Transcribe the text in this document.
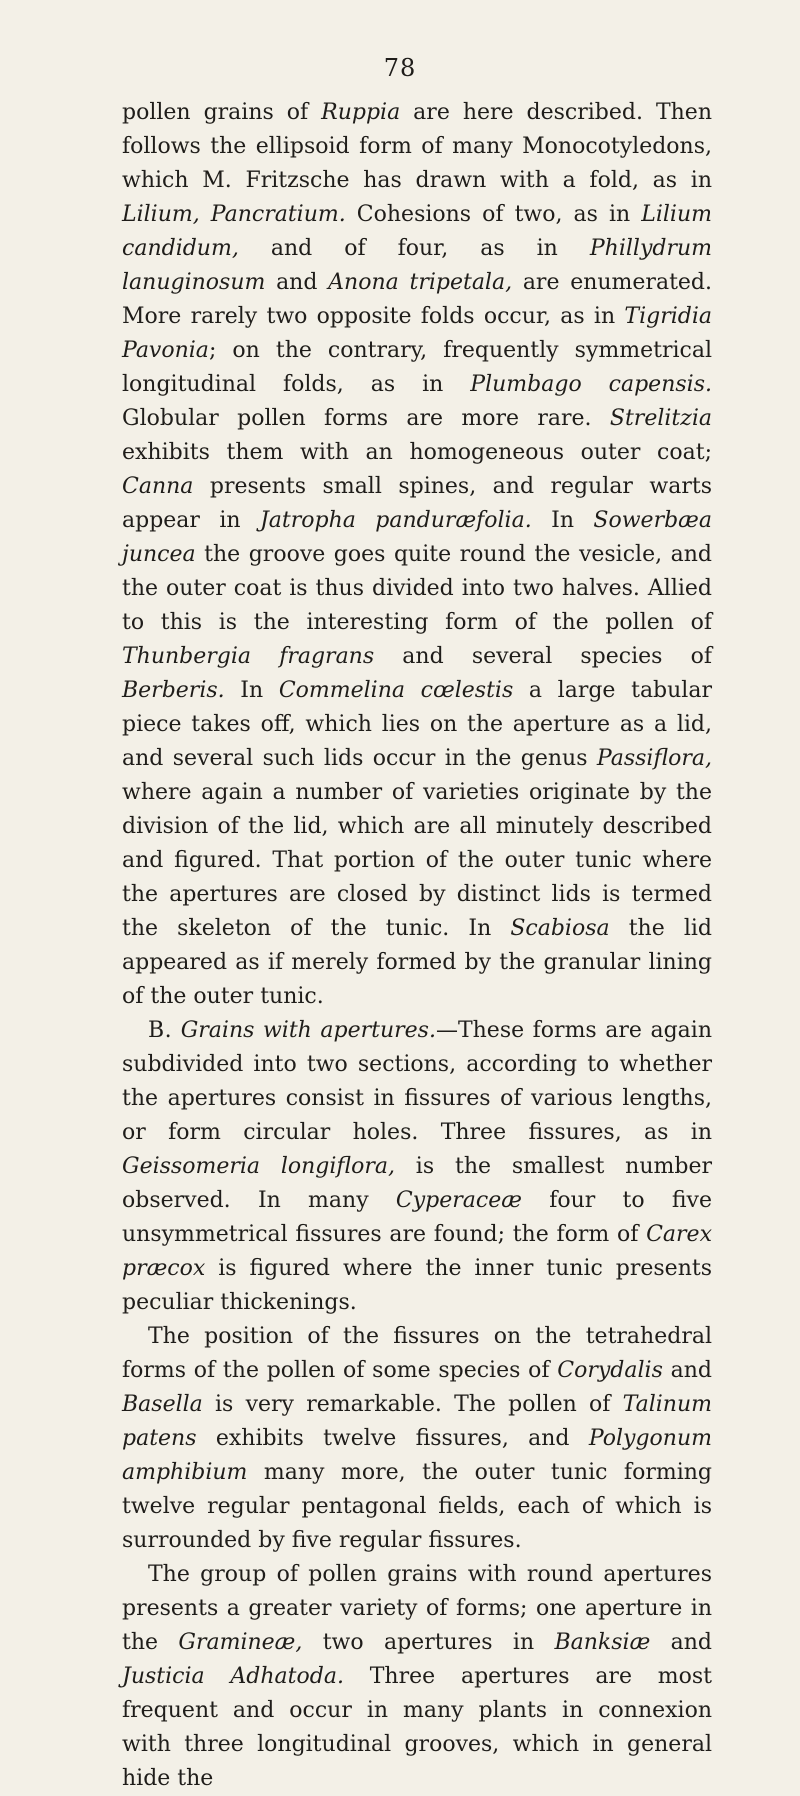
78

pollen grains of Ruppia are here described. Then follows the ellipsoid form of many Monocotyledons, which M. Fritzsche has drawn with a fold, as in Lilium, Pancratium. Cohesions of two, as in Lilium candidum, and of four, as in Phillydrum lanuginosum and Anona tripetala, are enumerated. More rarely two opposite folds occur, as in Tigridia Pavonia; on the contrary, frequently symmetrical longitudinal folds, as in Plumbago capensis. Globular pollen forms are more rare. Strelitzia exhibits them with an homogeneous outer coat; Canna presents small spines, and regular warts appear in Jatropha panduræfolia. In Sowerbæa juncea the groove goes quite round the vesicle, and the outer coat is thus divided into two halves. Allied to this is the interesting form of the pollen of Thunbergia fragrans and several species of Berberis. In Commelina cœlestis a large tabular piece takes off, which lies on the aperture as a lid, and several such lids occur in the genus Passiflora, where again a number of varieties originate by the division of the lid, which are all minutely described and figured. That portion of the outer tunic where the apertures are closed by distinct lids is termed the skeleton of the tunic. In Scabiosa the lid appeared as if merely formed by the granular lining of the outer tunic.

B. Grains with apertures.—These forms are again subdivided into two sections, according to whether the apertures consist in fissures of various lengths, or form circular holes. Three fissures, as in Geissomeria longiflora, is the smallest number observed. In many Cyperaceæ four to five unsymmetrical fissures are found; the form of Carex præcox is figured where the inner tunic presents peculiar thickenings.

The position of the fissures on the tetrahedral forms of the pollen of some species of Corydalis and Basella is very remarkable. The pollen of Talinum patens exhibits twelve fissures, and Polygonum amphibium many more, the outer tunic forming twelve regular pentagonal fields, each of which is surrounded by five regular fissures.

The group of pollen grains with round apertures presents a greater variety of forms; one aperture in the Gramineæ, two apertures in Banksiæ and Justicia Adhatoda. Three apertures are most frequent and occur in many plants in connexion with three longitudinal grooves, which in general hide the
